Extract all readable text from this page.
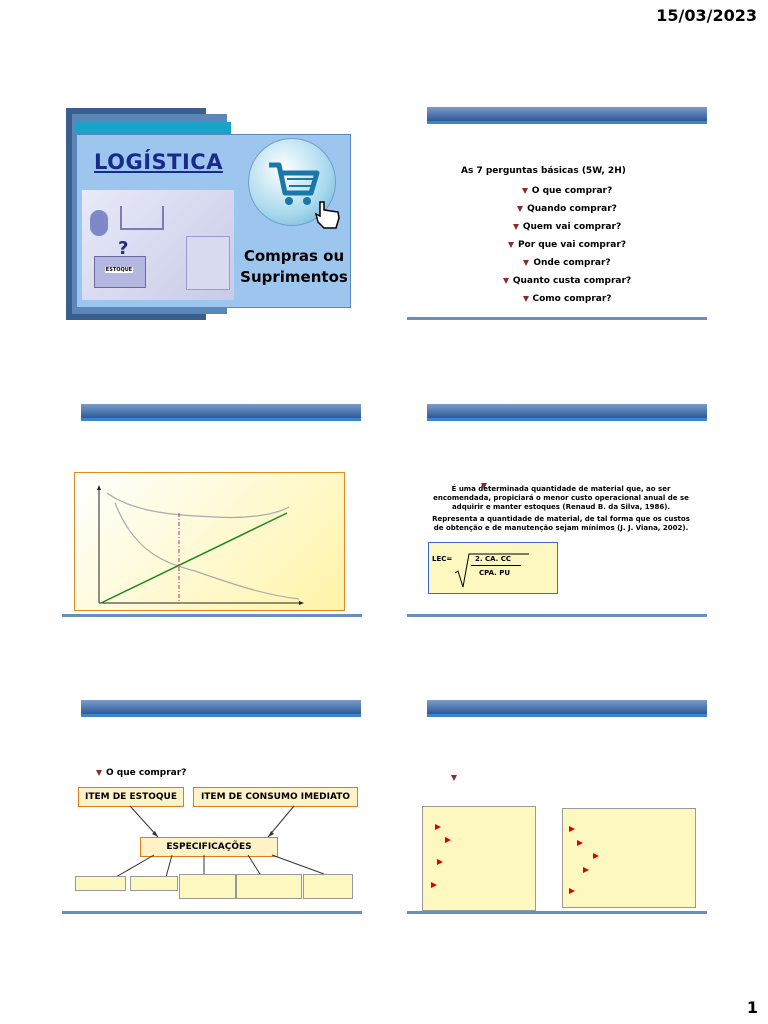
15/03/2023
LOGÍSTICA
ESTOQUE
?	Compras ou
Suprimentos
As 7 perguntas básicas (5W, 2H)
O que comprar?
Quando comprar?
Quem vai comprar?
Por que vai comprar?
Onde comprar?
Quanto custa comprar?
Como comprar?
É uma determinada quantidade de material que, ao ser encomendada, propiciará o menor custo operacional anual de se adquirir e manter estoques (Renaud B. da Silva, 1986).
Representa a quantidade de material, de tal forma que os custos de obtenção e de manutenção sejam mínimos (J. J. Viana, 2002).
LEC=	2. CA. CC
CPA. PU
O que comprar?
ITEM DE ESTOQUE	ITEM DE CONSUMO IMEDIATO
ESPECIFICAÇÕES
1
